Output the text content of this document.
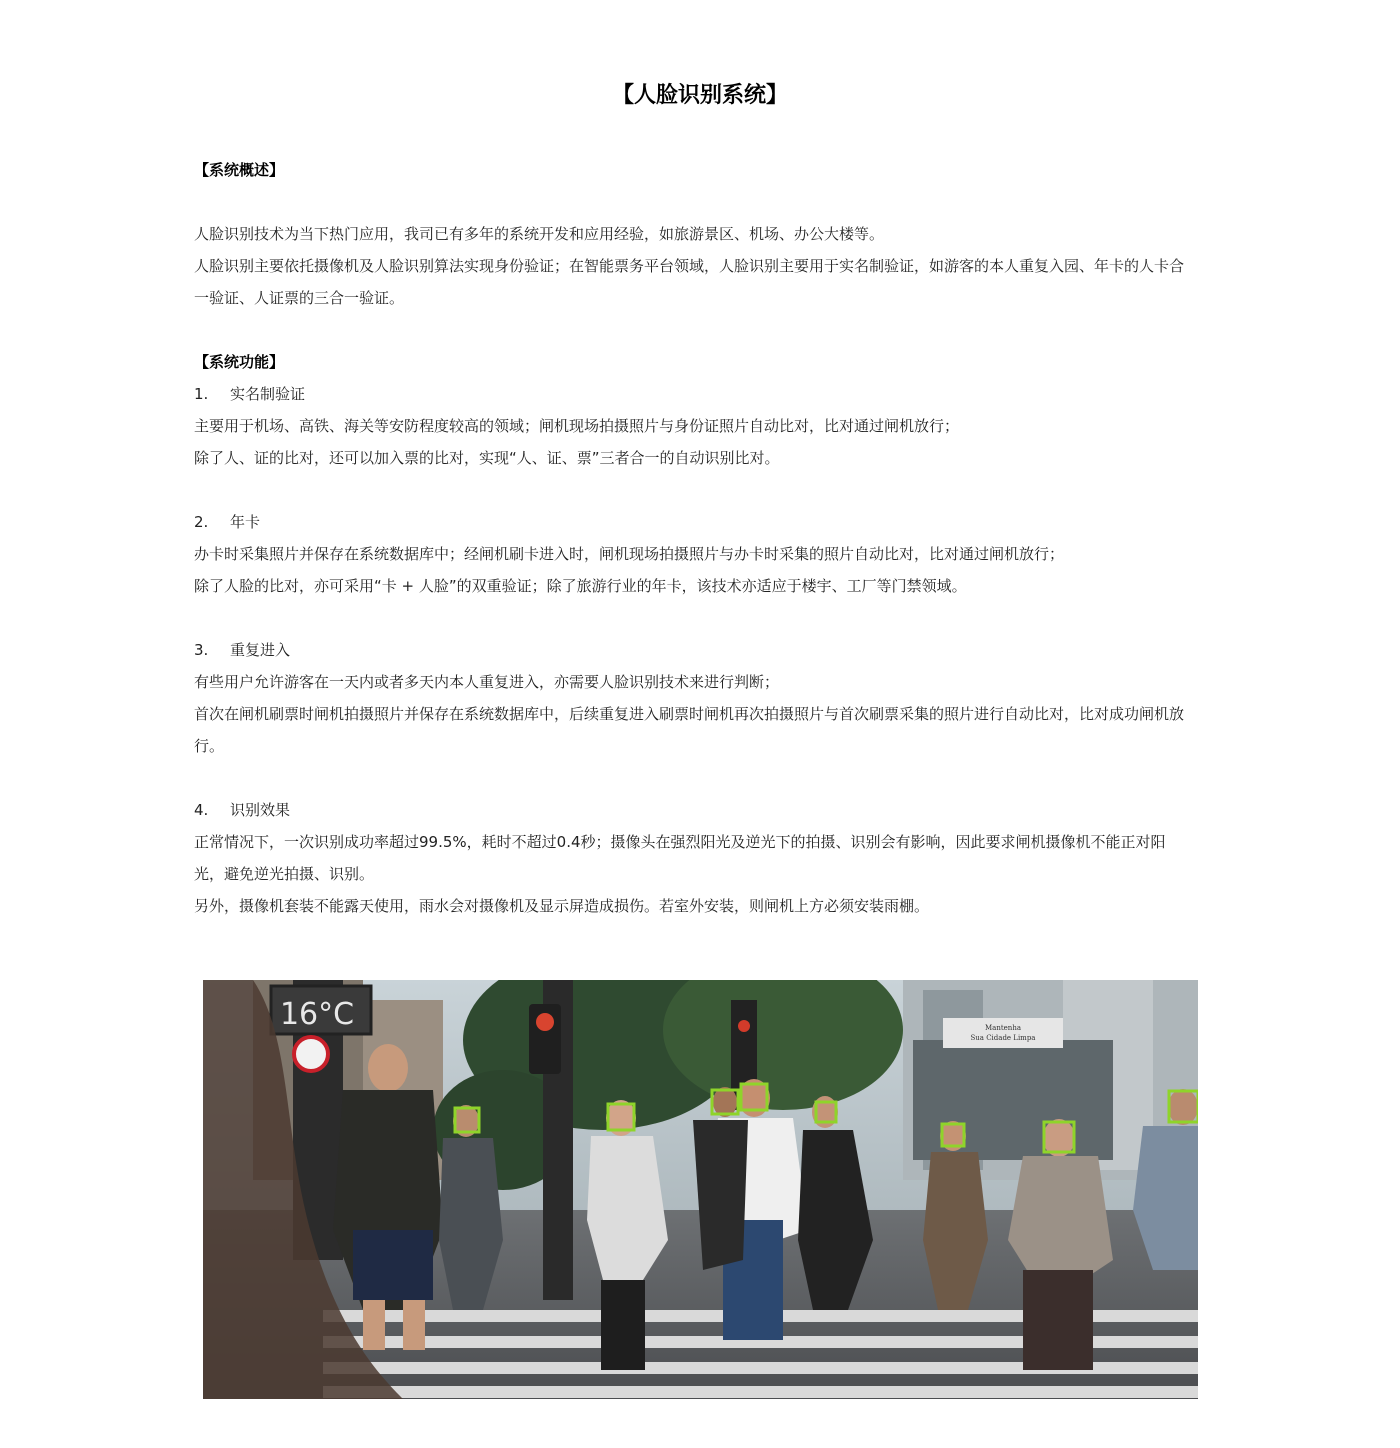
【人脸识别系统】

【系统概述】

人脸识别技术为当下热门应用，我司已有多年的系统开发和应用经验，如旅游景区、机场、办公大楼等。

人脸识别主要依托摄像机及人脸识别算法实现身份验证；在智能票务平台领域，人脸识别主要用于实名制验证，如游客的本人重复入园、年卡的人卡合一验证、人证票的三合一验证。

【系统功能】

1. 实名制验证

主要用于机场、高铁、海关等安防程度较高的领域；闸机现场拍摄照片与身份证照片自动比对，比对通过闸机放行；

除了人、证的比对，还可以加入票的比对，实现“人、证、票”三者合一的自动识别比对。

2. 年卡

办卡时采集照片并保存在系统数据库中；经闸机刷卡进入时，闸机现场拍摄照片与办卡时采集的照片自动比对，比对通过闸机放行；

除了人脸的比对，亦可采用“卡 + 人脸”的双重验证；除了旅游行业的年卡，该技术亦适应于楼宇、工厂等门禁领域。

3. 重复进入

有些用户允许游客在一天内或者多天内本人重复进入，亦需要人脸识别技术来进行判断；

首次在闸机刷票时闸机拍摄照片并保存在系统数据库中，后续重复进入刷票时闸机再次拍摄照片与首次刷票采集的照片进行自动比对，比对成功闸机放行。

4. 识别效果

正常情况下，一次识别成功率超过99.5%，耗时不超过0.4秒；摄像头在强烈阳光及逆光下的拍摄、识别会有影响，因此要求闸机摄像机不能正对阳光，避免逆光拍摄、识别。

另外，摄像机套装不能露天使用，雨水会对摄像机及显示屏造成损伤。若室外安装，则闸机上方必须安装雨棚。

Mantenha
Sua Cidade Limpa
16°C
